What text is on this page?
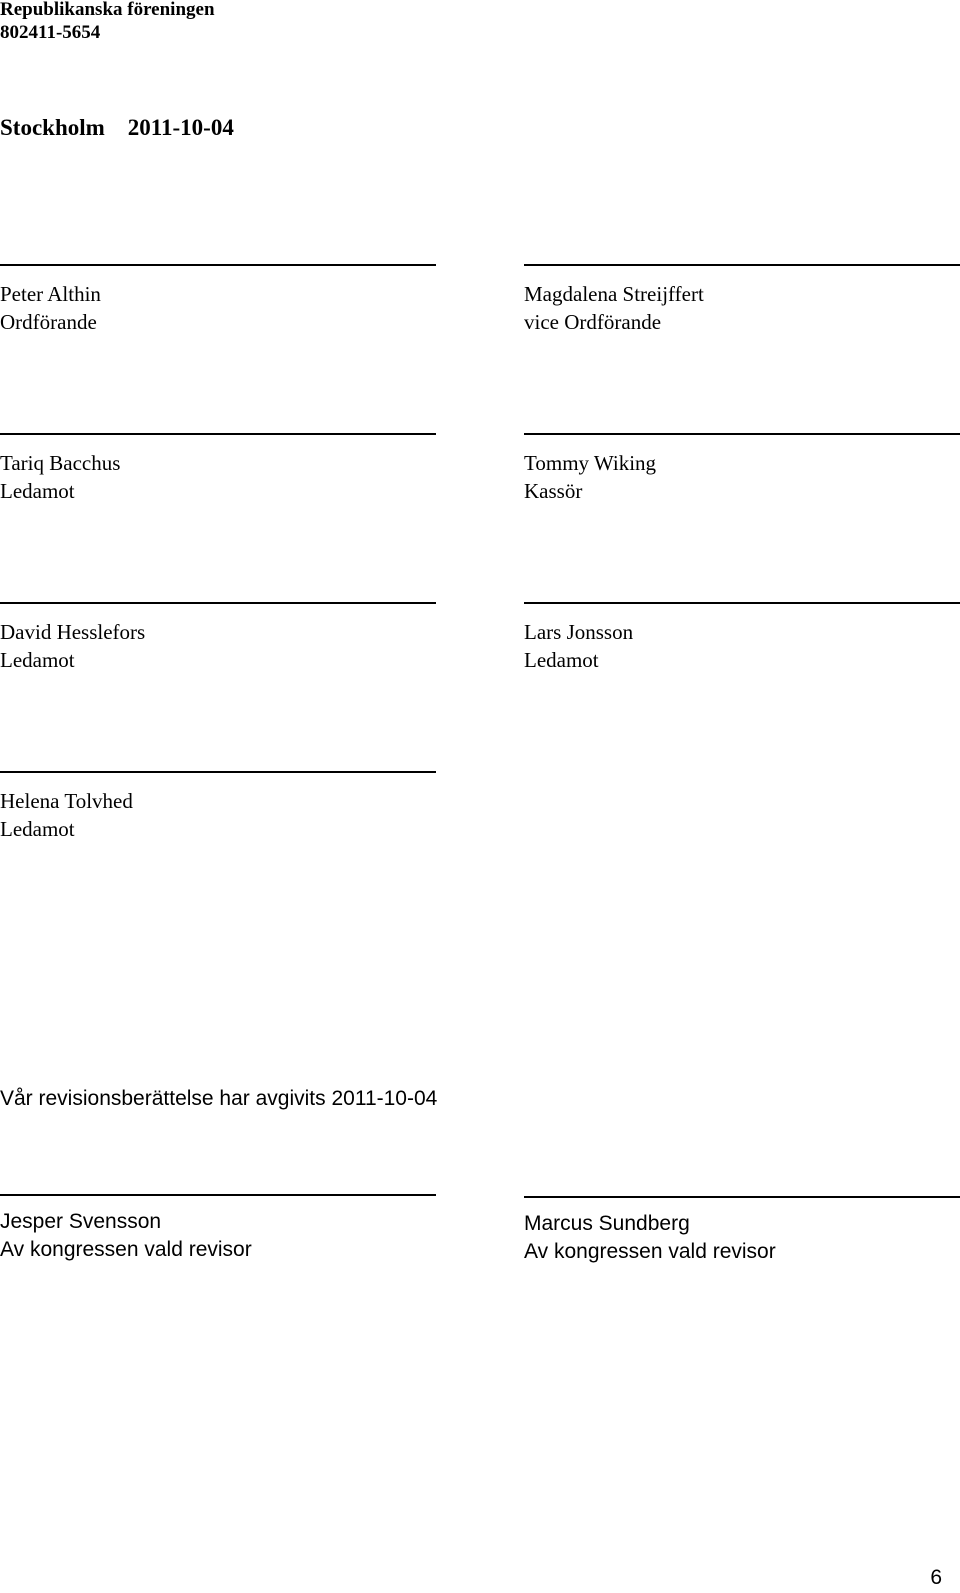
Republikanska föreningen
802411-5654
Stockholm    2011-10-04
Peter Althin
Ordförande
Magdalena Streijffert
vice Ordförande
Tariq Bacchus
Ledamot
Tommy Wiking
Kassör
David Hesslefors
Ledamot
Lars Jonsson
Ledamot
Helena Tolvhed
Ledamot
Vår revisionsberättelse har avgivits 2011-10-04
Jesper Svensson
Av kongressen vald revisor
Marcus Sundberg
Av kongressen vald revisor
6
